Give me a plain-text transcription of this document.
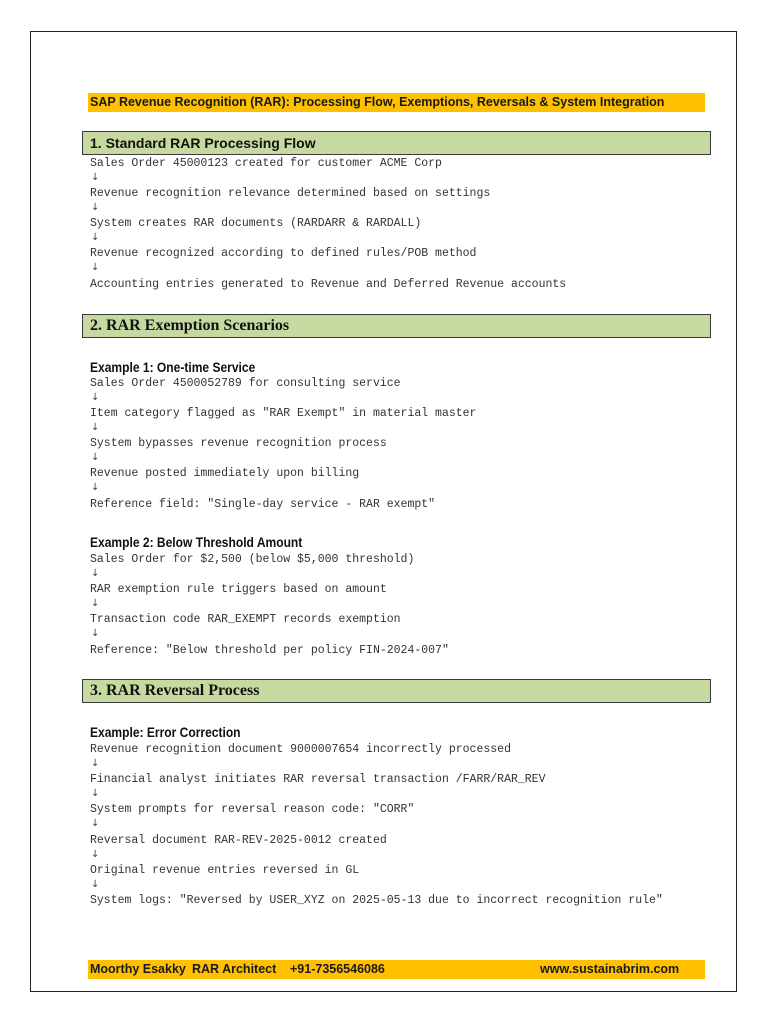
SAP Revenue Recognition (RAR): Processing Flow, Exemptions, Reversals & System Integration
1. Standard RAR Processing Flow
Sales Order 45000123 created for customer ACME Corp
↓
Revenue recognition relevance determined based on settings
↓
System creates RAR documents (RARDARR & RARDALL)
↓
Revenue recognized according to defined rules/POB method
↓
Accounting entries generated to Revenue and Deferred Revenue accounts
2. RAR Exemption Scenarios
Example 1: One-time Service
Sales Order 4500052789 for consulting service
↓
Item category flagged as "RAR Exempt" in material master
↓
System bypasses revenue recognition process
↓
Revenue posted immediately upon billing
↓
Reference field: "Single-day service - RAR exempt"
Example 2: Below Threshold Amount
Sales Order for $2,500 (below $5,000 threshold)
↓
RAR exemption rule triggers based on amount
↓
Transaction code RAR_EXEMPT records exemption
↓
Reference: "Below threshold per policy FIN-2024-007"
3. RAR Reversal Process
Example: Error Correction
Revenue recognition document 9000007654 incorrectly processed
↓
Financial analyst initiates RAR reversal transaction /FARR/RAR_REV
↓
System prompts for reversal reason code: "CORR"
↓
Reversal document RAR-REV-2025-0012 created
↓
Original revenue entries reversed in GL
↓
System logs: "Reversed by USER_XYZ on 2025-05-13 due to incorrect recognition rule"
Moorthy Esakky RAR Architect +91-7356546086	www.sustainabrim.com
